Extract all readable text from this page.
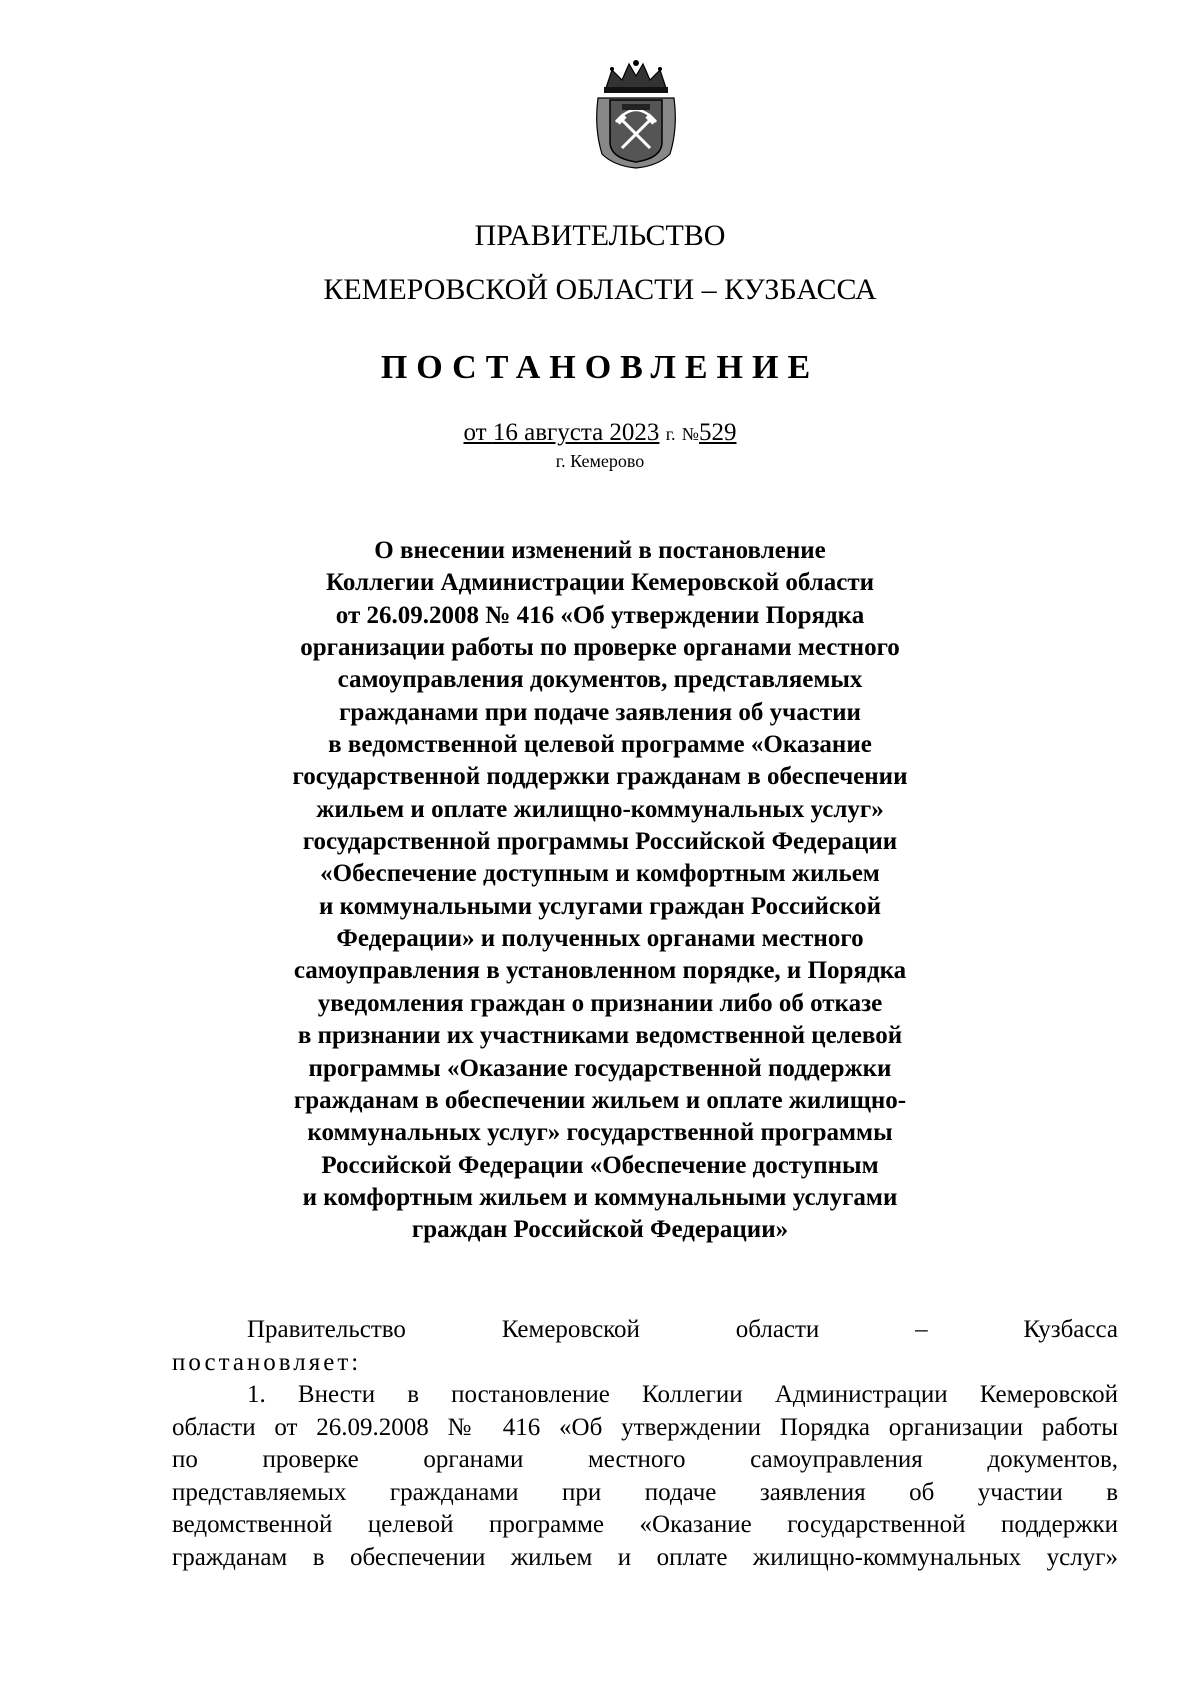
ПРАВИТЕЛЬСТВО
КЕМЕРОВСКОЙ ОБЛАСТИ – КУЗБАССА
ПОСТАНОВЛЕНИЕ
от 16 августа 2023 г. №529
г. Кемерово
О внесении изменений в постановление
Коллегии Администрации Кемеровской области
от 26.09.2008 № 416 «Об утверждении Порядка
организации работы по проверке органами местного
самоуправления документов, представляемых
гражданами при подаче заявления об участии
в ведомственной целевой программе «Оказание
государственной поддержки гражданам в обеспечении
жильем и оплате жилищно-коммунальных услуг»
государственной программы Российской Федерации
«Обеспечение доступным и комфортным жильем
и коммунальными услугами граждан Российской
Федерации» и полученных органами местного
самоуправления в установленном порядке, и Порядка
уведомления граждан о признании либо об отказе
в признании их участниками ведомственной целевой
программы «Оказание государственной поддержки
гражданам в обеспечении жильем и оплате жилищно-
коммунальных услуг» государственной программы
Российской Федерации «Обеспечение доступным
и комфортным жильем и коммунальными услугами
граждан Российской Федерации»
Правительство Кемеровской области – Кузбасса
постановляет:
1. Внести в постановление Коллегии Администрации Кемеровской
области от 26.09.2008 № 416 «Об утверждении Порядка организации работы
по проверке органами местного самоуправления документов,
представляемых гражданами при подаче заявления об участии в
ведомственной целевой программе «Оказание государственной поддержки
гражданам в обеспечении жильем и оплате жилищно-коммунальных услуг»
